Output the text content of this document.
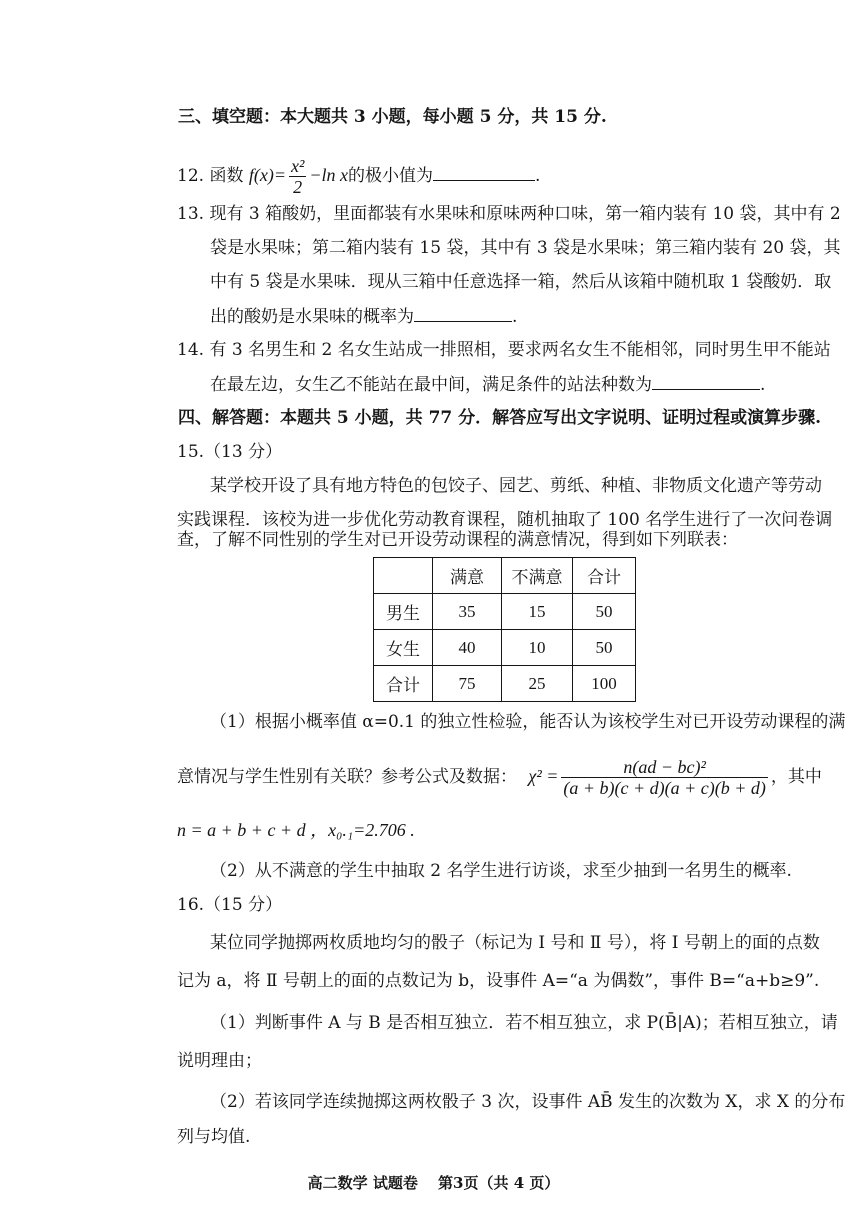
三、填空题：本大题共 3 小题，每小题 5 分，共 15 分.
12. 函数 $f(x)= \frac{\text{x²}}{2} -\ln$ x的极小值为	.
13. 现有 3 箱酸奶，里面都装有水果味和原味两种口味，第一箱内装有 10 袋，其中有 2
袋是水果味；第二箱内装有 15 袋，其中有 3 袋是水果味；第三箱内装有 20 袋，其
中有 5 袋是水果味．现从三箱中任意选择一箱，然后从该箱中随机取 1 袋酸奶．取
出的酸奶是水果味的概率为	.
14. 有 3 名男生和 2 名女生站成一排照相，要求两名女生不能相邻，同时男生甲不能站
在最左边，女生乙不能站在最中间，满足条件的站法种数为	.
四、解答题：本题共 5 小题，共 77 分．解答应写出文字说明、证明过程或演算步骤.
15.（13 分）
某学校开设了具有地方特色的包饺子、园艺、剪纸、种植、非物质文化遗产等劳动
实践课程．该校为进一步优化劳动教育课程，随机抽取了 100 名学生进行了一次问卷调
查，了解不同性别的学生对已开设劳动课程的满意情况，得到如下列联表：
	满意	不满意	合计
男生	35	15	50
女生	40	10	50
合计	75	25	100
（1）根据小概率值 α=0.1 的独立性检验，能否认为该校学生对已开设劳动课程的满
意情况与学生性别有关联？参考公式及数据： $\chi^2 = \frac{\text{n(ad − bc)²}}{(a + b)(c + d)(a + c)(b + d)}$ ，其中
n = a + b + c + d ，x₀.₁=2.706 .
（2）从不满意的学生中抽取 2 名学生进行访谈，求至少抽到一名男生的概率.
16.（15 分）
某位同学抛掷两枚质地均匀的骰子（标记为 Ⅰ 号和 Ⅱ 号），将 Ⅰ 号朝上的面的点数
记为 a，将 Ⅱ 号朝上的面的点数记为 b，设事件 A=“a 为偶数”，事件 B=“a+b≥9”.
（1）判断事件 A 与 B 是否相互独立．若不相互独立，求 P(B̄|A)；若相互独立，请
说明理由；
（2）若该同学连续抛掷这两枚骰子 3 次，设事件 AB̄ 发生的次数为 X，求 X 的分布
列与均值.
高二数学 试题卷　 第3页（共 4 页）
